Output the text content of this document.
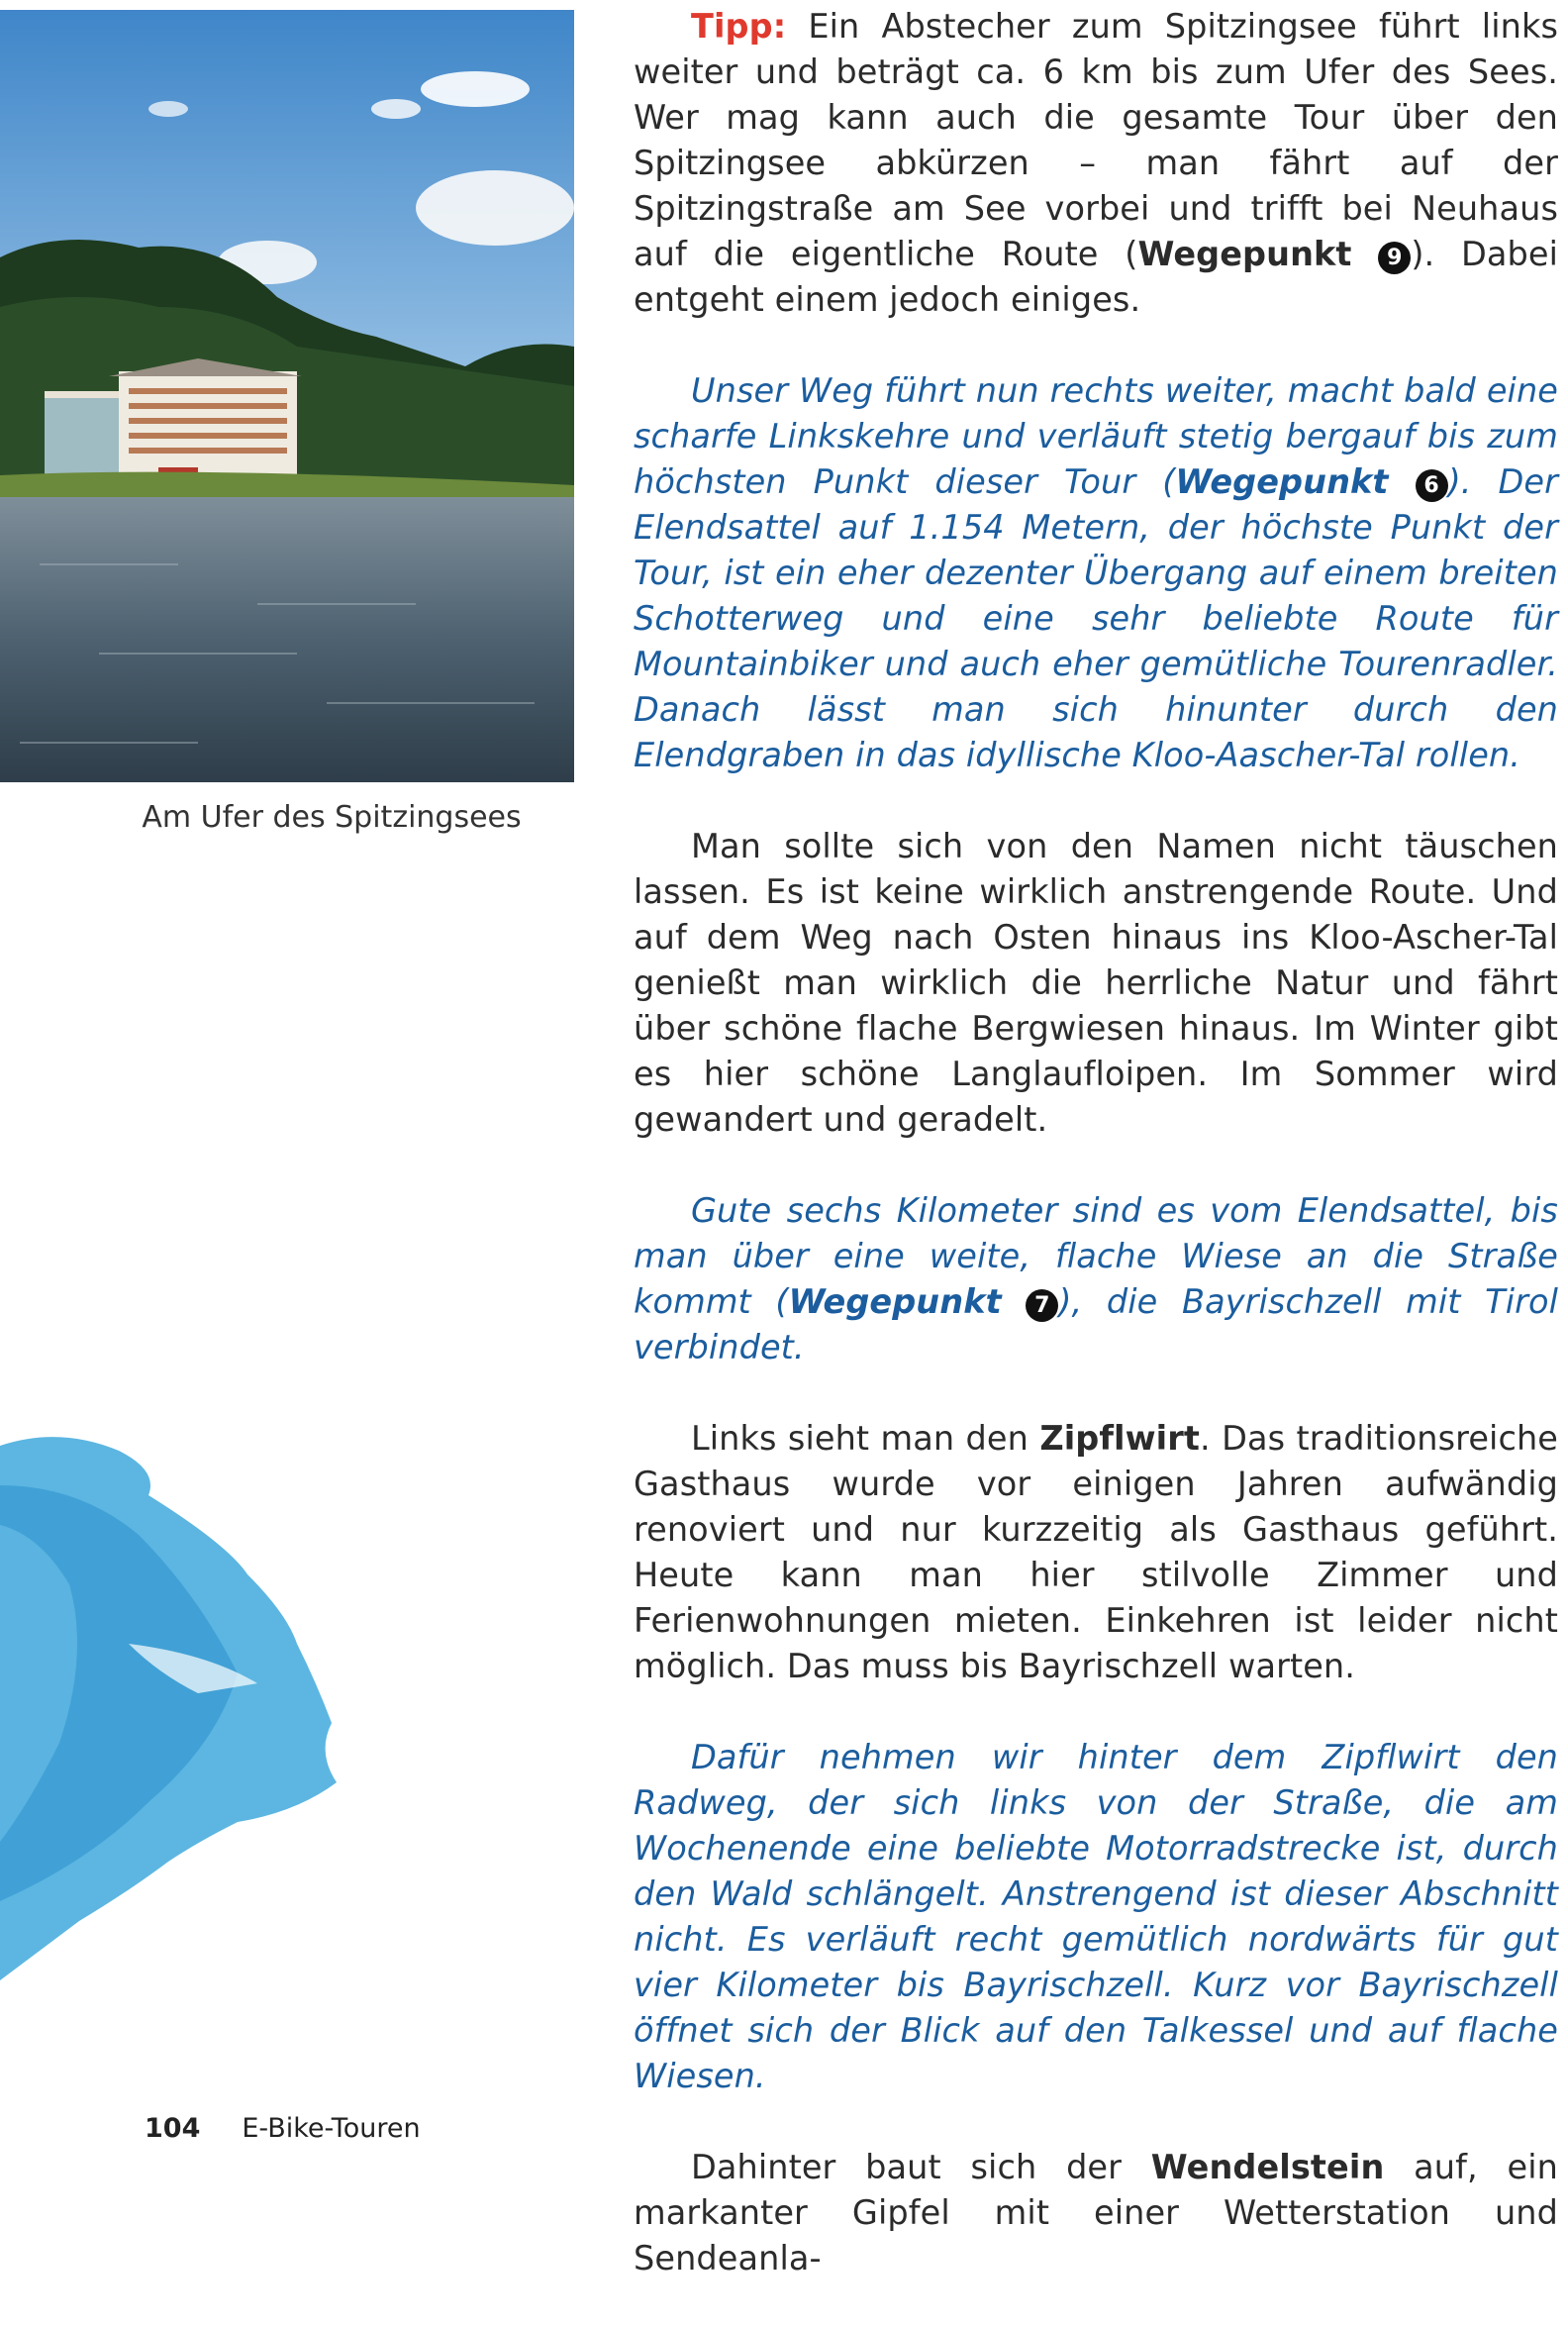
Am Ufer des Spitzingsees

Tipp: Ein Abstecher zum Spitzingsee führt links weiter und beträgt ca. 6 km bis zum Ufer des Sees. Wer mag kann auch die gesamte Tour über den Spitzingsee abkürzen – man fährt auf der Spitzingstraße am See vorbei und trifft bei Neuhaus auf die eigentliche Route (Wegepunkt 9 ). Dabei entgeht einem jedoch einiges.

Unser Weg führt nun rechts weiter, macht bald eine scharfe Linkskehre und verläuft stetig bergauf bis zum höchsten Punkt dieser Tour (Wegepunkt 6 ). Der Elendsattel auf 1.154 Metern, der höchste Punkt der Tour, ist ein eher dezenter Übergang auf einem breiten Schotterweg und eine sehr beliebte Route für Mountainbiker und auch eher gemütliche Tourenradler. Danach lässt man sich hinunter durch den Elendgraben in das idyllische Kloo-Aascher-Tal rollen.

Man sollte sich von den Namen nicht täuschen lassen. Es ist keine wirklich anstrengende Route. Und auf dem Weg nach Osten hinaus ins Kloo-Ascher-Tal genießt man wirklich die herrliche Natur und fährt über schöne flache Bergwiesen hinaus. Im Winter gibt es hier schöne Langlaufloipen. Im Sommer wird gewandert und geradelt.

Gute sechs Kilometer sind es vom Elendsattel, bis man über eine weite, flache Wiese an die Straße kommt (Wegepunkt 7 ), die Bayrischzell mit Tirol verbindet.

Links sieht man den Zipflwirt. Das traditionsreiche Gasthaus wurde vor einigen Jahren aufwändig renoviert und nur kurzzeitig als Gasthaus geführt. Heute kann man hier stilvolle Zimmer und Ferienwohnungen mieten. Einkehren ist leider nicht möglich. Das muss bis Bayrischzell warten.

Dafür nehmen wir hinter dem Zipflwirt den Radweg, der sich links von der Straße, die am Wochenende eine beliebte Motorradstrecke ist, durch den Wald schlängelt. Anstrengend ist dieser Abschnitt nicht. Es verläuft recht gemütlich nordwärts für gut vier Kilometer bis Bayrischzell. Kurz vor Bayrischzell öffnet sich der Blick auf den Talkessel und auf flache Wiesen.

Dahinter baut sich der Wendelstein auf, ein markanter Gipfel mit einer Wetterstation und Sendeanla-

104 E-Bike-Touren
